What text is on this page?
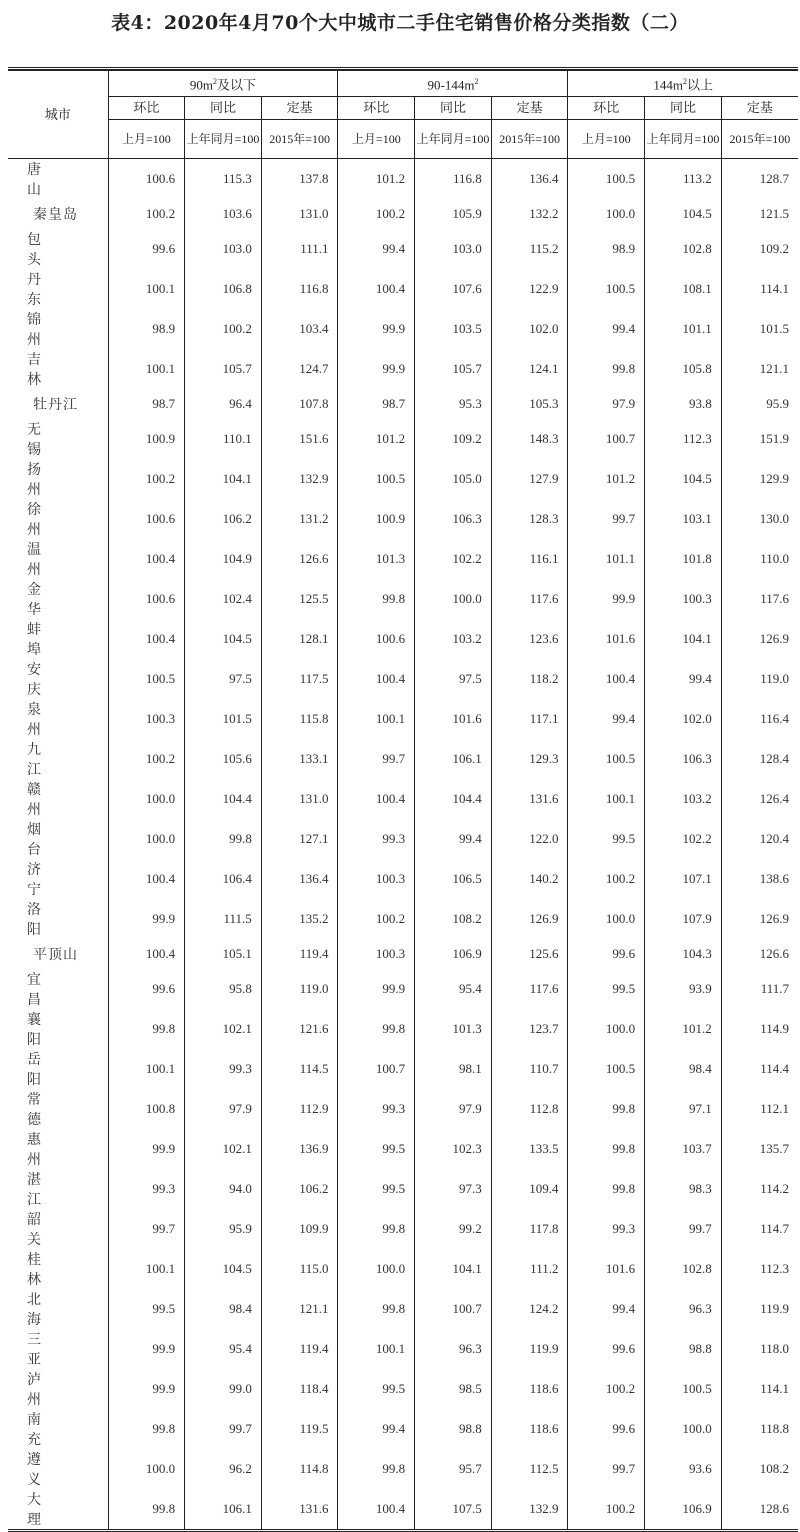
表4：2020年4月70个大中城市二手住宅销售价格分类指数（二）
城市	$90m^2$及以下			$90-144m^2$			$144m^2$以上		
	环比	同比	定基	环比	同比	定基	环比	同比	定基
	上月=100	上年同月=100	2015年=100	上月=100	上年同月=100	2015年=100	上月=100	上年同月=100	2015年=100
唐 山	100.6	115.3	137.8	101.2	116.8	136.4	100.5	113.2	128.7
秦皇岛	100.2	103.6	131.0	100.2	105.9	132.2	100.0	104.5	121.5
包 头	99.6	103.0	111.1	99.4	103.0	115.2	98.9	102.8	109.2
丹 东	100.1	106.8	116.8	100.4	107.6	122.9	100.5	108.1	114.1
锦 州	98.9	100.2	103.4	99.9	103.5	102.0	99.4	101.1	101.5
吉 林	100.1	105.7	124.7	99.9	105.7	124.1	99.8	105.8	121.1
牡丹江	98.7	96.4	107.8	98.7	95.3	105.3	97.9	93.8	95.9
无 锡	100.9	110.1	151.6	101.2	109.2	148.3	100.7	112.3	151.9
扬 州	100.2	104.1	132.9	100.5	105.0	127.9	101.2	104.5	129.9
徐 州	100.6	106.2	131.2	100.9	106.3	128.3	99.7	103.1	130.0
温 州	100.4	104.9	126.6	101.3	102.2	116.1	101.1	101.8	110.0
金 华	100.6	102.4	125.5	99.8	100.0	117.6	99.9	100.3	117.6
蚌 埠	100.4	104.5	128.1	100.6	103.2	123.6	101.6	104.1	126.9
安 庆	100.5	97.5	117.5	100.4	97.5	118.2	100.4	99.4	119.0
泉 州	100.3	101.5	115.8	100.1	101.6	117.1	99.4	102.0	116.4
九 江	100.2	105.6	133.1	99.7	106.1	129.3	100.5	106.3	128.4
赣 州	100.0	104.4	131.0	100.4	104.4	131.6	100.1	103.2	126.4
烟 台	100.0	99.8	127.1	99.3	99.4	122.0	99.5	102.2	120.4
济 宁	100.4	106.4	136.4	100.3	106.5	140.2	100.2	107.1	138.6
洛 阳	99.9	111.5	135.2	100.2	108.2	126.9	100.0	107.9	126.9
平顶山	100.4	105.1	119.4	100.3	106.9	125.6	99.6	104.3	126.6
宜 昌	99.6	95.8	119.0	99.9	95.4	117.6	99.5	93.9	111.7
襄 阳	99.8	102.1	121.6	99.8	101.3	123.7	100.0	101.2	114.9
岳 阳	100.1	99.3	114.5	100.7	98.1	110.7	100.5	98.4	114.4
常 德	100.8	97.9	112.9	99.3	97.9	112.8	99.8	97.1	112.1
惠 州	99.9	102.1	136.9	99.5	102.3	133.5	99.8	103.7	135.7
湛 江	99.3	94.0	106.2	99.5	97.3	109.4	99.8	98.3	114.2
韶 关	99.7	95.9	109.9	99.8	99.2	117.8	99.3	99.7	114.7
桂 林	100.1	104.5	115.0	100.0	104.1	111.2	101.6	102.8	112.3
北 海	99.5	98.4	121.1	99.8	100.7	124.2	99.4	96.3	119.9
三 亚	99.9	95.4	119.4	100.1	96.3	119.9	99.6	98.8	118.0
泸 州	99.9	99.0	118.4	99.5	98.5	118.6	100.2	100.5	114.1
南 充	99.8	99.7	119.5	99.4	98.8	118.6	99.6	100.0	118.8
遵 义	100.0	96.2	114.8	99.8	95.7	112.5	99.7	93.6	108.2
大 理	99.8	106.1	131.6	100.4	107.5	132.9	100.2	106.9	128.6
